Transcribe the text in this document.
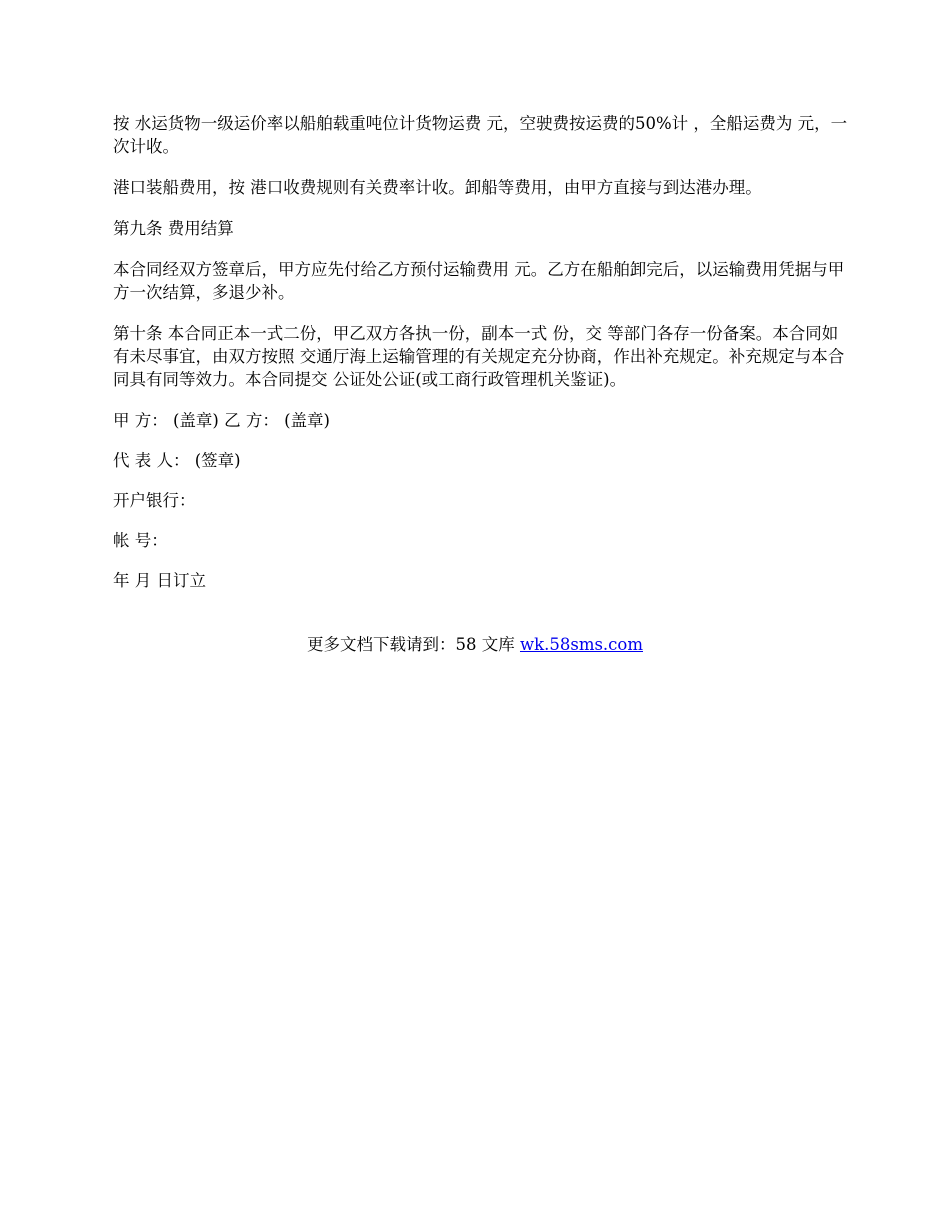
按 水运货物一级运价率以船舶载重吨位计货物运费 元，空驶费按运费的50%计 ，全船运费为 元，一次计收。

港口装船费用，按 港口收费规则有关费率计收。卸船等费用，由甲方直接与到达港办理。

第九条 费用结算

本合同经双方签章后，甲方应先付给乙方预付运输费用 元。乙方在船舶卸完后，以运输费用凭据与甲方一次结算，多退少补。

第十条 本合同正本一式二份，甲乙双方各执一份，副本一式 份，交 等部门各存一份备案。本合同如有未尽事宜，由双方按照 交通厅海上运输管理的有关规定充分协商，作出补充规定。补充规定与本合同具有同等效力。本合同提交 公证处公证(或工商行政管理机关鉴证)。

甲 方： (盖章) 乙 方： (盖章)

代 表 人： (签章)

开户银行：

帐 号：

年 月 日订立

更多文档下载请到：58 文库 wk.58sms.com
